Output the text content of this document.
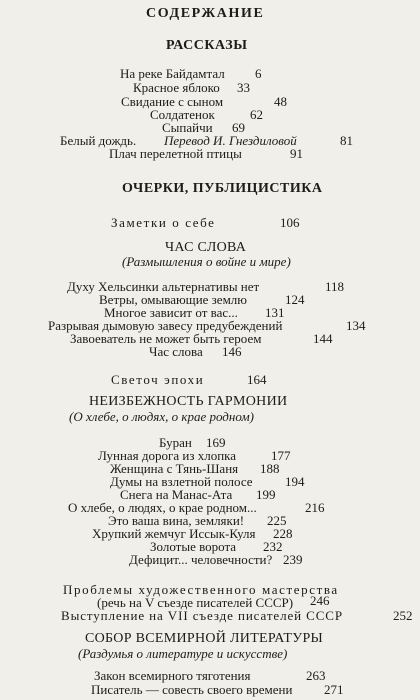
СОДЕРЖАНИЕ
РАССКАЗЫ
На реке Байдамтал 6
Красное яблоко 33
Свидание с сыном	48
Солдатенок	62
Сыпайчи 69
Белый дождь. Перевод И. Гнездиловой	81
Плач перелетной птицы	91
ОЧЕРКИ, ПУБЛИЦИСТИКА
Заметки о себе	106
ЧАС СЛОВА
(Размышления о войне и мире)
Духу Хельсинки альтернативы нет	118
Ветры, омывающие землю	124
Многое зависит от вас... 131
Разрывая дымовую завесу предубеждений	134
Завоеватель не может быть героем	144
Час слова 146
Светоч эпохи	164
НЕИЗБЕЖНОСТЬ ГАРМОНИИ
(О хлебе, о людях, о крае родном)
Буран 169
Лунная дорога из хлопка	177
Женщина с Тянь-Шаня 188
Думы на взлетной полосе 194
Снега на Манас-Ата 199
О хлебе, о людях, о крае родном...	216
Это ваша вина, земляки! 225
Хрупкий жемчуг Иссык-Куля 228
Золотые ворота 232
Дефицит... человечности? 239
Проблемы художественного мастерства
(речь на V съезде писателей СССР) 246
Выступление на VII съезде писателей СССР	252
СОБОР ВСЕМИРНОЙ ЛИТЕРАТУРЫ
(Раздумья о литературе и искусстве)
Закон всемирного тяготения	263
Писатель — совесть своего времени 271
